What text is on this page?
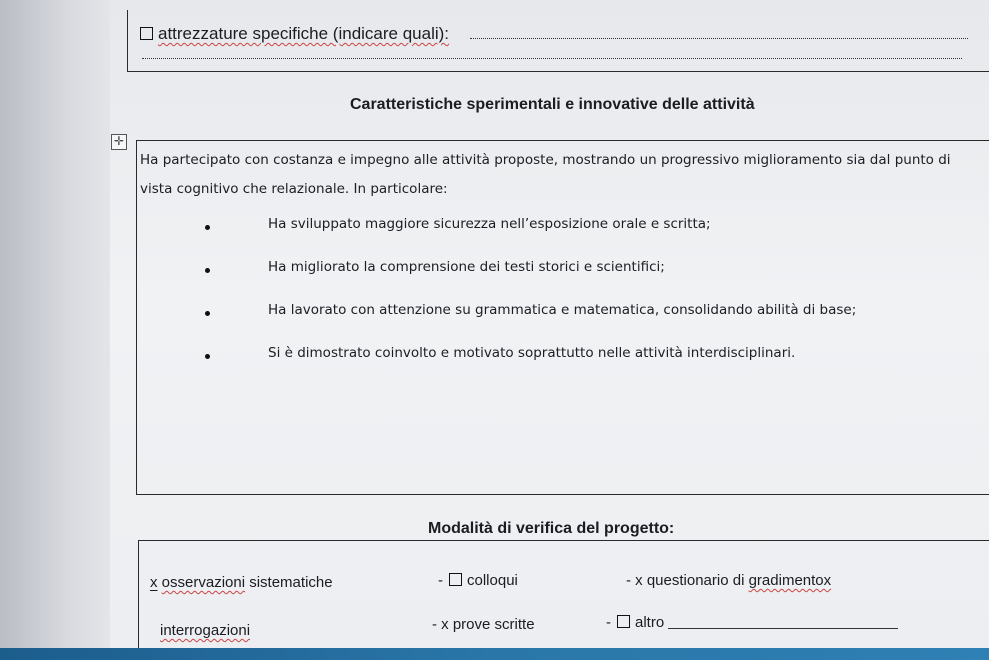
attrezzature specifiche (indicare quali):
Caratteristiche sperimentali e innovative delle attività
✛

Ha partecipato con costanza e impegno alle attività proposte, mostrando un progressivo miglioramento sia dal punto di vista cognitivo che relazionale. In particolare:

Ha sviluppato maggiore sicurezza nell’esposizione orale e scritta;
Ha migliorato la comprensione dei testi storici e scientifici;
Ha lavorato con attenzione su grammatica e matematica, consolidando abilità di base;
Si è dimostrato coinvolto e motivato soprattutto nelle attività interdisciplinari.
Modalità di verifica del progetto:
x osservazioni sistematiche	- colloqui	- x questionario di gradimentox
interrogazioni	- x prove scritte	- altro
